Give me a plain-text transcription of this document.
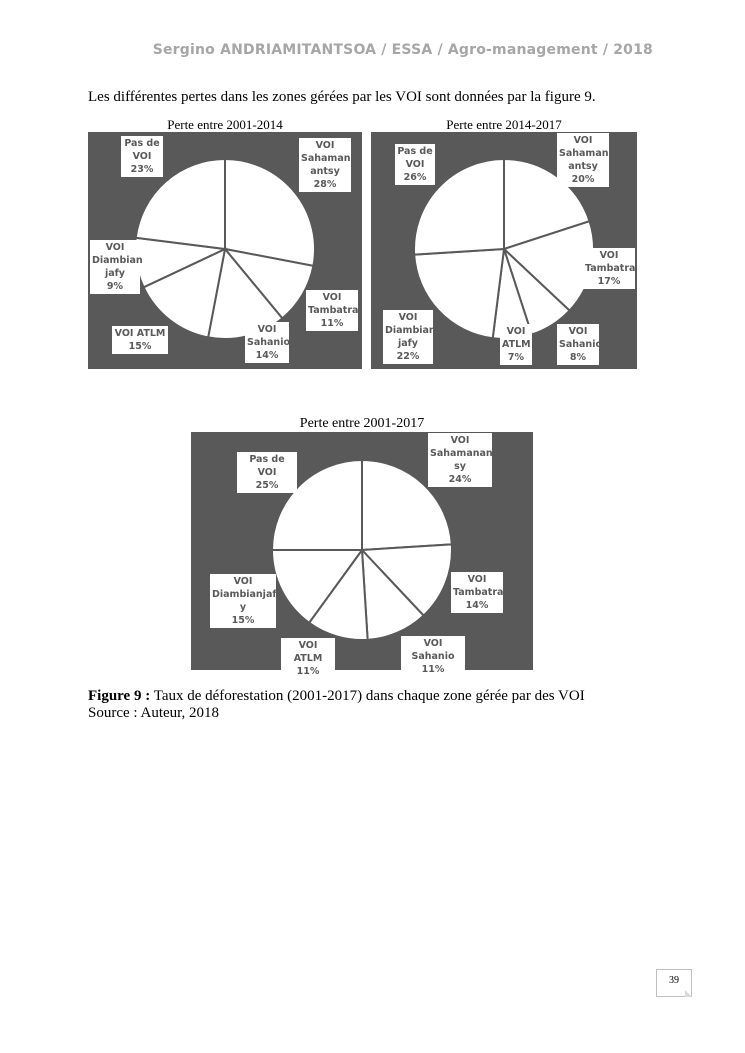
Sergino ANDRIAMITANTSOA / ESSA / Agro-management / 2018
Les différentes pertes dans les zones gérées par les VOI sont données par la figure 9.
Perte entre 2001-2014
VOI
Sahaman
antsy
28%
VOI
Tambatra
11%
VOI
Sahanio
14%
VOI ATLM
15%
VOI
Diambian
jafy
9%
Pas de
VOI
23%
Perte entre 2014-2017
VOI
Sahaman
antsy
20%
VOI
Tambatra
17%
VOI
Sahanio
8%
VOI
ATLM
7%
VOI
Diambian
jafy
22%
Pas de
VOI
26%
Perte entre 2001-2017
VOI
Sahamanant
sy
24%
VOI
Tambatra
14%
VOI Sahanio
11%
VOI ATLM
11%
VOI
Diambianjaf
y
15%
Pas de VOI
25%
Figure 9 : Taux de déforestation (2001-2017) dans chaque zone gérée par des VOI
Source : Auteur, 2018
39
